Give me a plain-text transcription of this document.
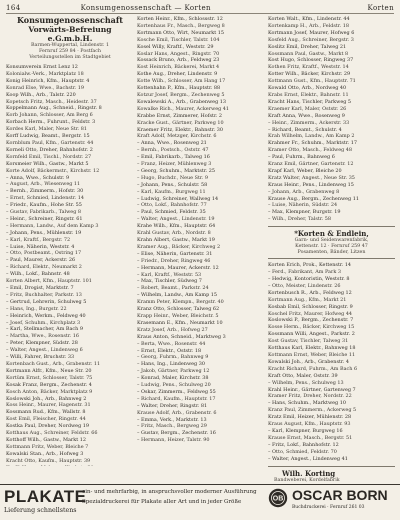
164	Konsumgenossenschaft — Korten	Korten
Konsumgenossenschaft
Vorwärts-Befreiung e.G.m.b.H.
Barmen-Wuppertal, Lindenstr. 1
Fernruf 259 84 · Postfach
Verteilungsstellen im Stadtgebiet
Konsumverein Ernst Lenz 12
Kolonialw.-Verk., Marktplatz 18
Konig Heinrich, Kfm., Hauptstr. 4
Konrad Else, Wwe., Bachstr. 19
Koop Wilh., Arb., Talstr. 220
Kopetsch Fritz, Masch., Heidestr. 37
Koppelmann Aug., Schneid., Ringstr. 8
Korb Johann, Schlosser, Am Berg 6
Korbach Herm., Fuhrunt., Feldstr. 3
Kordes Karl, Maler, Neue Str. 81
Korff Ludwig, Beamt., Bergstr. 15
Kornblum Paul, Kfm., Gartenstr. 44
Korneli Otto, Dreher, Bahnhofstr. 2
Kornfeld Emil, Tischl., Nordstr. 27
Korsmeier Wilh., Gastw., Markt 5
Korte Adolf, Bäckermstr., Kirchstr. 12
– Anna, Wwe., Schulstr. 9
– August, Arb., Wiesenweg 11
– Bernh., Zimmerm., Hofstr. 30
– Ernst, Schmied, Lindenstr. 14
– Friedr., Kaufm., Hohe Str. 55
– Gustav, Fabrikarb., Talweg 8
– Heinr., Schreiner, Ringstr. 61
– Hermann, Landw., Auf dem Kamp 3
– Johann, Pens., Mühlenstr. 19
– Karl, Kraftf., Bergstr. 72
– Luise, Näherin, Weststr. 4
– Otto, Postbeamt., Ostring 17
– Paul, Maurer, Ackerstr. 26
– Richard, Elektr., Neumarkt 2
– Wilh., Lokf., Bahnstr. 48
Korten Albert, Kfm., Hauptstr. 101
– Emil, Drogist, Marktstr. 7
– Fritz, Buchhalter, Parkstr. 13
– Gertrud, Lehrerin, Schulweg 5
– Hans, Ing., Burgstr. 22
– Heinrich, Werkm., Feldweg 40
– Josef, Schuhm., Kirchplatz 3
– Karl, Stellmacher, Am Bach 9
– Martha, Wwe., Rosenstr. 16
– Peter, Klempner, Südstr. 28
– Walter, Angest., Lindenweg 6
– Willi, Fahrer, Bruchstr. 33
Kortenbach Gust., Arb., Grabenstr. 11
Kortmann Alfr., Kfm., Neue Str. 20
Kortüm Ernst, Schlosser, Talstr. 75
Kosak Franz, Bergm., Zechenstr. 4
Kosch Anton, Bäcker, Marktplatz 9
Koslowski Joh., Arb., Bahnweg 2
Koss Heinr., Maurer, Hagenstr. 31
Kossmann Rud., Kfm., Wallstr. 8
Kost Emil, Fleischer, Ringstr. 44
Kostka Paul, Dreher, Nordweg 19
Kotthaus Aug., Schreiner, Feldstr. 66
Kotthoff Wilh., Gastw., Markt 12
Kottmann Fritz, Weber, Bleiche 7
Kowalski Stan., Arb., Hofweg 3
Kracht Otto, Kaufm., Hauptstr. 39
Korten Heinr., Kfm., Schlossstr. 12
Kortenhaus Fr., Masch., Bergweg 8
Kortmann Otto, Wirt, Neumarkt 15
Kosche Emil, Tischler, Talstr. 104
Kosel Willy, Kraftf., Weststr. 29
Koslar Hans, Angest., Ringstr. 70
Kossack Bruno, Arb., Feldweg 23
Kost Heinrich, Bäckerei, Markt 4
Kothe Aug., Dreher, Lindenstr. 9
Kotte Wilh., Schlosser, Am Hang 17
Kottenhahn P., Kfm., Hauptstr. 88
Kotzur Josef, Bergm., Zechenweg 5
Kowalewski A., Arb., Grabenweg 13
Kowalke Rich., Maurer, Ackerweg 41
Krabbe Ernst, Zimmerer, Hofstr. 2
Kracke Gust., Gärtner, Parkweg 10
Kraemer Fritz, Elektr., Bahnstr. 30
Kraft Adolf, Metzger, Kirchstr. 6
– Anna, Wwe., Rosenweg 21
– Bernh., Postsch., Oststr. 47
– Emil, Fabrikarb., Talweg 16
– Franz, Heizer, Mühlenweg 3
– Georg, Schuhm., Marktstr. 25
– Hugo, Buchdr., Neue Str. 9
– Johann, Pens., Schulstr. 58
– Karl, Kaufm., Burgweg 11
– Ludwig, Schreiner, Wallweg 14
– Otto, Lokf., Bahnhofstr. 77
– Paul, Schmied, Feldstr. 35
– Walter, Angest., Lindenstr. 19
Krahe Wilh., Kfm., Hauptstr. 64
Krahl Gustav, Arb., Nordstr. 8
Krahn Albert, Gastw., Markt 19
Kramer Aug., Bäcker, Kirchweg 2
– Elise, Näherin, Gartenstr. 31
– Friedr., Dreher, Ringweg 46
– Hermann, Maurer, Ackerstr. 12
– Karl, Kraftf., Weststr. 53
– Max, Tischler, Südweg 7
– Robert, Beamt., Parkstr. 24
– Wilhelm, Landw., Am Kamp 15
Kramm Peter, Klempn., Bergstr. 40
Kranz Otto, Schlosser, Talweg 62
Krapp Heinr., Weber, Bleichstr. 5
Krasemann E., Kfm., Neumarkt 10
Kratz Josef, Arb., Hofweg 27
Kraus Anton, Schneid., Marktweg 3
– Berta, Wwe., Rosenstr. 44
– Ernst, Elektr., Oststr. 18
– Georg, Fuhrm., Bahnweg 9
– Hans, Ing., Lindenweg 30
– Jakob, Gärtner, Parkweg 12
– Konrad, Maler, Kirchstr. 38
– Ludwig, Pens., Schulweg 20
– Oskar, Zimmerm., Feldweg 55
– Richard, Kaufm., Hauptstr. 17
– Walter, Dreher, Ringstr. 81
Krause Adolf, Arb., Grabenstr. 6
– Emma, Verk., Marktstr. 13
– Fritz, Masch., Bergweg 29
– Gustav, Bergm., Zechenstr. 16
– Hermann, Heizer, Talstr. 90
Korten Walt., Kfm., Lindenstr. 44
Kortenkamp H., Arb., Feldstr. 18
Kortmann Josef, Maurer, Hofweg 6
Kosfeld Aug., Schreiner, Bergstr. 3
Koslitz Emil, Dreher, Talweg 21
Kossmann Paul, Gastw., Markt 8
Kost Hugo, Schlosser, Ringweg 37
Kothen Fritz, Kraftf., Weststr. 14
Kotter Wilh., Bäcker, Kirchstr. 29
Kottmann Gust., Kfm., Hauptstr. 71
Kowald Otto, Arb., Nordweg 40
Krabs Ernst, Elektr., Bahnstr. 11
Kracht Hans, Tischler, Parkweg 5
Kraemer Karl, Maler, Oststr. 26
Kraft Anna, Wwe., Rosenweg 9
– Heinr., Zimmerm., Ackerstr. 33
– Richard, Beamt., Schulstr. 4
Krah Wilhelm, Landw., Am Kamp 2
Krahmer Fr., Schuhm., Marktstr. 17
Kramer Otto, Masch., Feldweg 48
– Paul, Fuhrm., Bahnweg 6
Kranz Emil, Gärtner, Gartenstr. 12
Krapf Karl, Weber, Bleiche 20
Kratz Walter, Angest., Neue Str. 35
Kraus Heinr., Pens., Lindenweg 15
– Johann, Arb., Grabenweg 8
Krause Aug., Bergm., Zechenweg 11
– Luise, Näherin, Südstr. 24
– Max, Klempner, Burgstr. 19
– Wilh., Dreher, Talstr. 58
*Korten & Endlein,
Garn- und Seidenwarenfabrik,
Kettenstr. 12 · Fernruf 259 47
Posamenten, Bänder, Litzen
Korten Erich, Prok., Kettenstr. 14
– Ferd., Fabrikant, Am Park 3
– Hedwig, Kontoristin, Weststr. 8
– Otto, Meister, Lindenstr. 26
Kortenbusch R., Arb., Feldweg 12
Kortmann Aug., Kfm., Markt 21
Kosbab Emil, Schlosser, Ringstr. 9
Koschel Fritz, Maurer, Hofweg 44
Koslowski P., Bergm., Zechenstr. 7
Kosse Herm., Bäcker, Kirchweg 15
Kossmann Willi, Angest., Parkstr. 2
Kost Gustav, Tischler, Talweg 31
Kotthaus Karl, Elektr., Bahnweg 18
Kottmann Ernst, Weber, Bleiche 11
Kowalski Joh., Arb., Grabenstr. 4
Kracht Richard, Fuhrm., Am Bach 6
Kraft Otto, Maler, Oststr. 39
– Wilhelm, Pens., Schulweg 13
Krahl Heinr., Gärtner, Gartenweg 7
Kramer Fritz, Dreher, Nordstr. 22
– Hans, Schuhm., Marktweg 10
Kranz Paul, Zimmerm., Ackerweg 5
Kratz Emil, Heizer, Mühlenstr. 28
Kraus August, Kfm., Hauptstr. 93
– Karl, Klempner, Burgweg 16
Krause Ernst, Masch., Bergstr. 51
– Fritz, Lokf., Bahnhofstr. 12
– Otto, Schmied, Feldstr. 70
– Walter, Angest., Lindenweg 41
Wilh. Korting
Bandweberei, Kordelfabrik
PLAKATE
Lieferung schnellstens
ein- und mehrfarbig, in anspruchsvoller moderner Ausführung
Spezialdruckerei für Plakate aller Art und in jeder Größe	OB OSCAR BORN
Buchdruckerei · Fernruf 261 03
